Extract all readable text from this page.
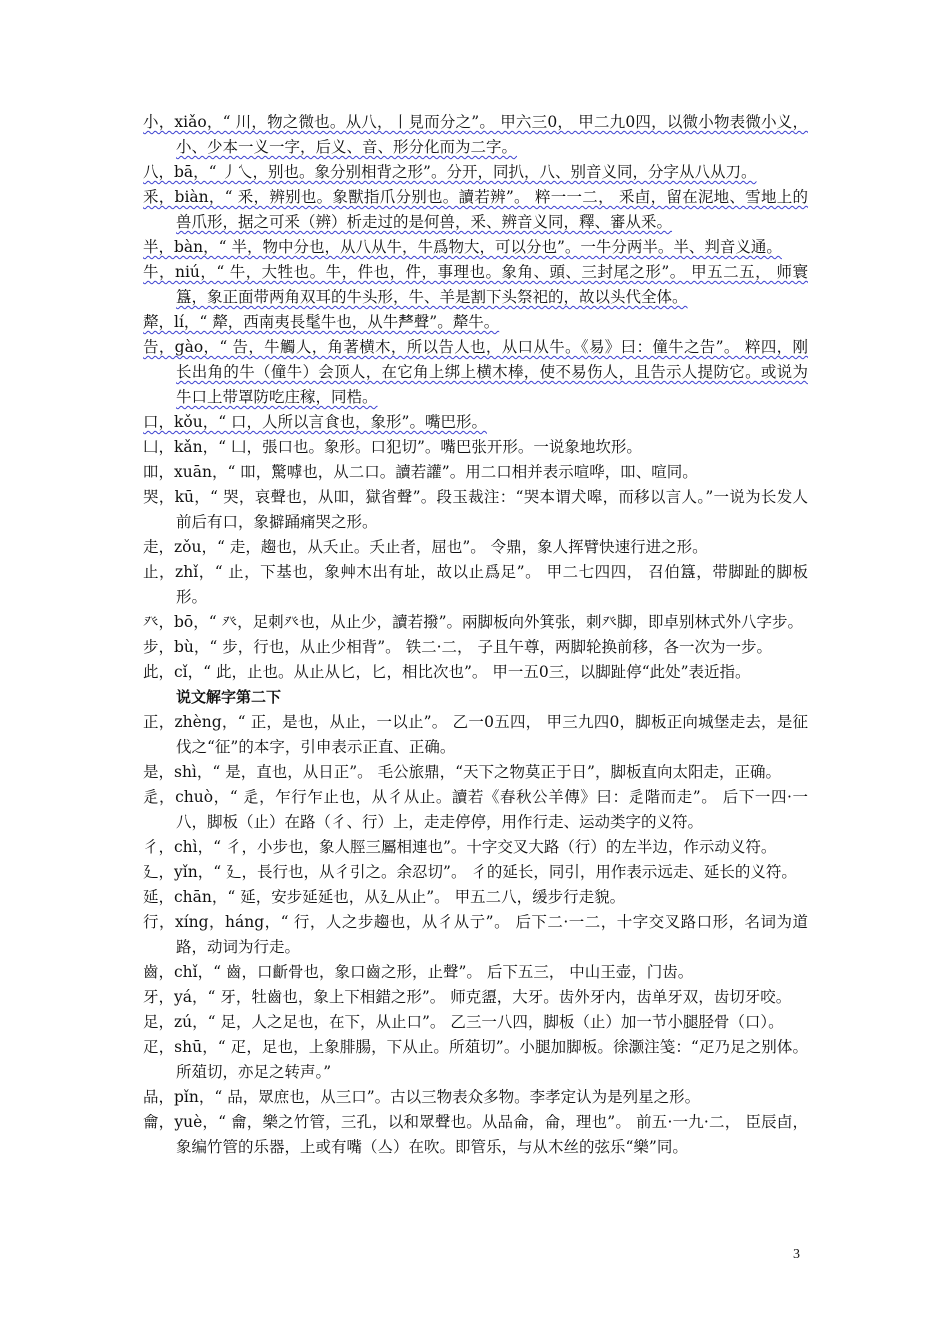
小，xiǎo，“ 川，物之微也。从八，丨見而分之”。 甲六三0， 甲二九0四，以微小物表微小义，小、少本一义一字，后义、音、形分化而为二字。
八，bā，“ 丿乀，别也。象分别相背之形”。分开，同扒，八、别音义同，分字从八从刀。
釆，biàn，“ 釆，辨别也。象獸指爪分别也。讀若辨”。 粹一一二， 釆卣，留在泥地、雪地上的兽爪形，据之可釆（辨）析走过的是何兽，釆、辨音义同，釋、審从釆。
半，bàn，“ 半，物中分也，从八从牛，牛爲物大，可以分也”。一牛分两半。半、判音义通。
牛，niú，“ 牛，大牲也。牛，件也，件，事理也。象角、頭、三封尾之形”。 甲五二五， 师寰簋，象正面带两角双耳的牛头形，牛、羊是割下头祭祀的，故以头代全体。
犛，lí，“ 犛，西南夷長髦牛也，从牛𠩺聲”。犛牛。
告，gào，“ 告，牛觸人，角著横木，所以告人也，从口从牛。《易》曰：僮牛之告”。 粹四，刚长出角的牛（僮牛）会顶人，在它角上绑上横木棒，使不易伤人，且告示人提防它。或说为牛口上带罩防吃庄稼，同梏。
口，kǒu，“ 口，人所以言食也，象形”。嘴巴形。
凵，kǎn，“ 凵，張口也。象形。口犯切”。嘴巴张开形。一说象地坎形。
吅，xuān，“ 吅，驚嘑也，从二口。讀若讙”。用二口相并表示喧哗，吅、喧同。
哭，kū，“ 哭，哀聲也，从吅，獄省聲”。段玉裁注：“哭本谓犬嗥，而移以言人。”一说为长发人前后有口，象擗踊痛哭之形。
走，zǒu，“ 走，趨也，从夭止。夭止者，屈也”。 令鼎，象人挥臂快速行进之形。
止，zhǐ，“ 止，下基也，象艸木出有址，故以止爲足”。 甲二七四四， 召伯簋，带脚趾的脚板形。
癶，bō，“ 癶，足刺癶也，从止少，讀若撥”。兩脚板向外箕张，刺癶脚，即卓别林式外八字步。
步，bù，“ 步，行也，从止少相背”。 铁二·二， 子且午尊，两脚轮换前移，各一次为一步。
此，cǐ，“ 此，止也。从止从匕，匕，相比次也”。 甲一五0三，以脚趾停“此处”表近指。
说文解字第二下
正，zhèng，“ 正，是也，从止，一以止”。 乙一0五四， 甲三九四0，脚板正向城堡走去，是征伐之“征”的本字，引申表示正直、正确。
是，shì，“ 是，直也，从日正”。 毛公旅鼎，“天下之物莫正于日”，脚板直向太阳走，正确。
辵，chuò，“ 辵，乍行乍止也，从彳从止。讀若《春秋公羊傳》曰：辵階而走”。 后下一四·一八，脚板（止）在路（彳、行）上，走走停停，用作行走、运动类字的义符。
彳，chì，“ 彳，小步也，象人脛三屬相連也”。十字交叉大路（行）的左半边，作示动义符。
廴，yǐn，“ 廴，長行也，从彳引之。余忍切”。 彳的延长，同引，用作表示远走、延长的义符。
延，chān，“ 延，安步延延也，从廴从止”。 甲五二八，缓步行走貌。
行，xíng，háng，“ 行，人之步趨也，从彳从亍”。 后下二·一二，十字交叉路口形，名词为道路，动词为行走。
齒，chǐ，“ 齒，口齗骨也，象口齒之形，止聲”。 后下五三， 中山王壶，门齿。
牙，yá，“ 牙，牡齒也，象上下相錯之形”。 师克盨，大牙。齿外牙内，齿单牙双，齿切牙咬。
足，zú，“ 足，人之足也，在下，从止口”。 乙三一八四，脚板（止）加一节小腿胫骨（口）。
疋，shū，“ 疋，足也，上象腓腸，下从止。所葅切”。小腿加脚板。徐灏注笺：“疋乃足之别体。所葅切，亦足之转声。”
品，pǐn，“ 品，眾庶也，从三口”。古以三物表众多物。李孝定认为是列星之形。
龠，yuè，“ 龠，樂之竹管，三孔，以和眾聲也。从品侖，侖，理也”。 前五·一九·二， 臣辰卣，象编竹管的乐器，上或有嘴（亼）在吹。即管乐，与从木丝的弦乐“樂”同。
3
